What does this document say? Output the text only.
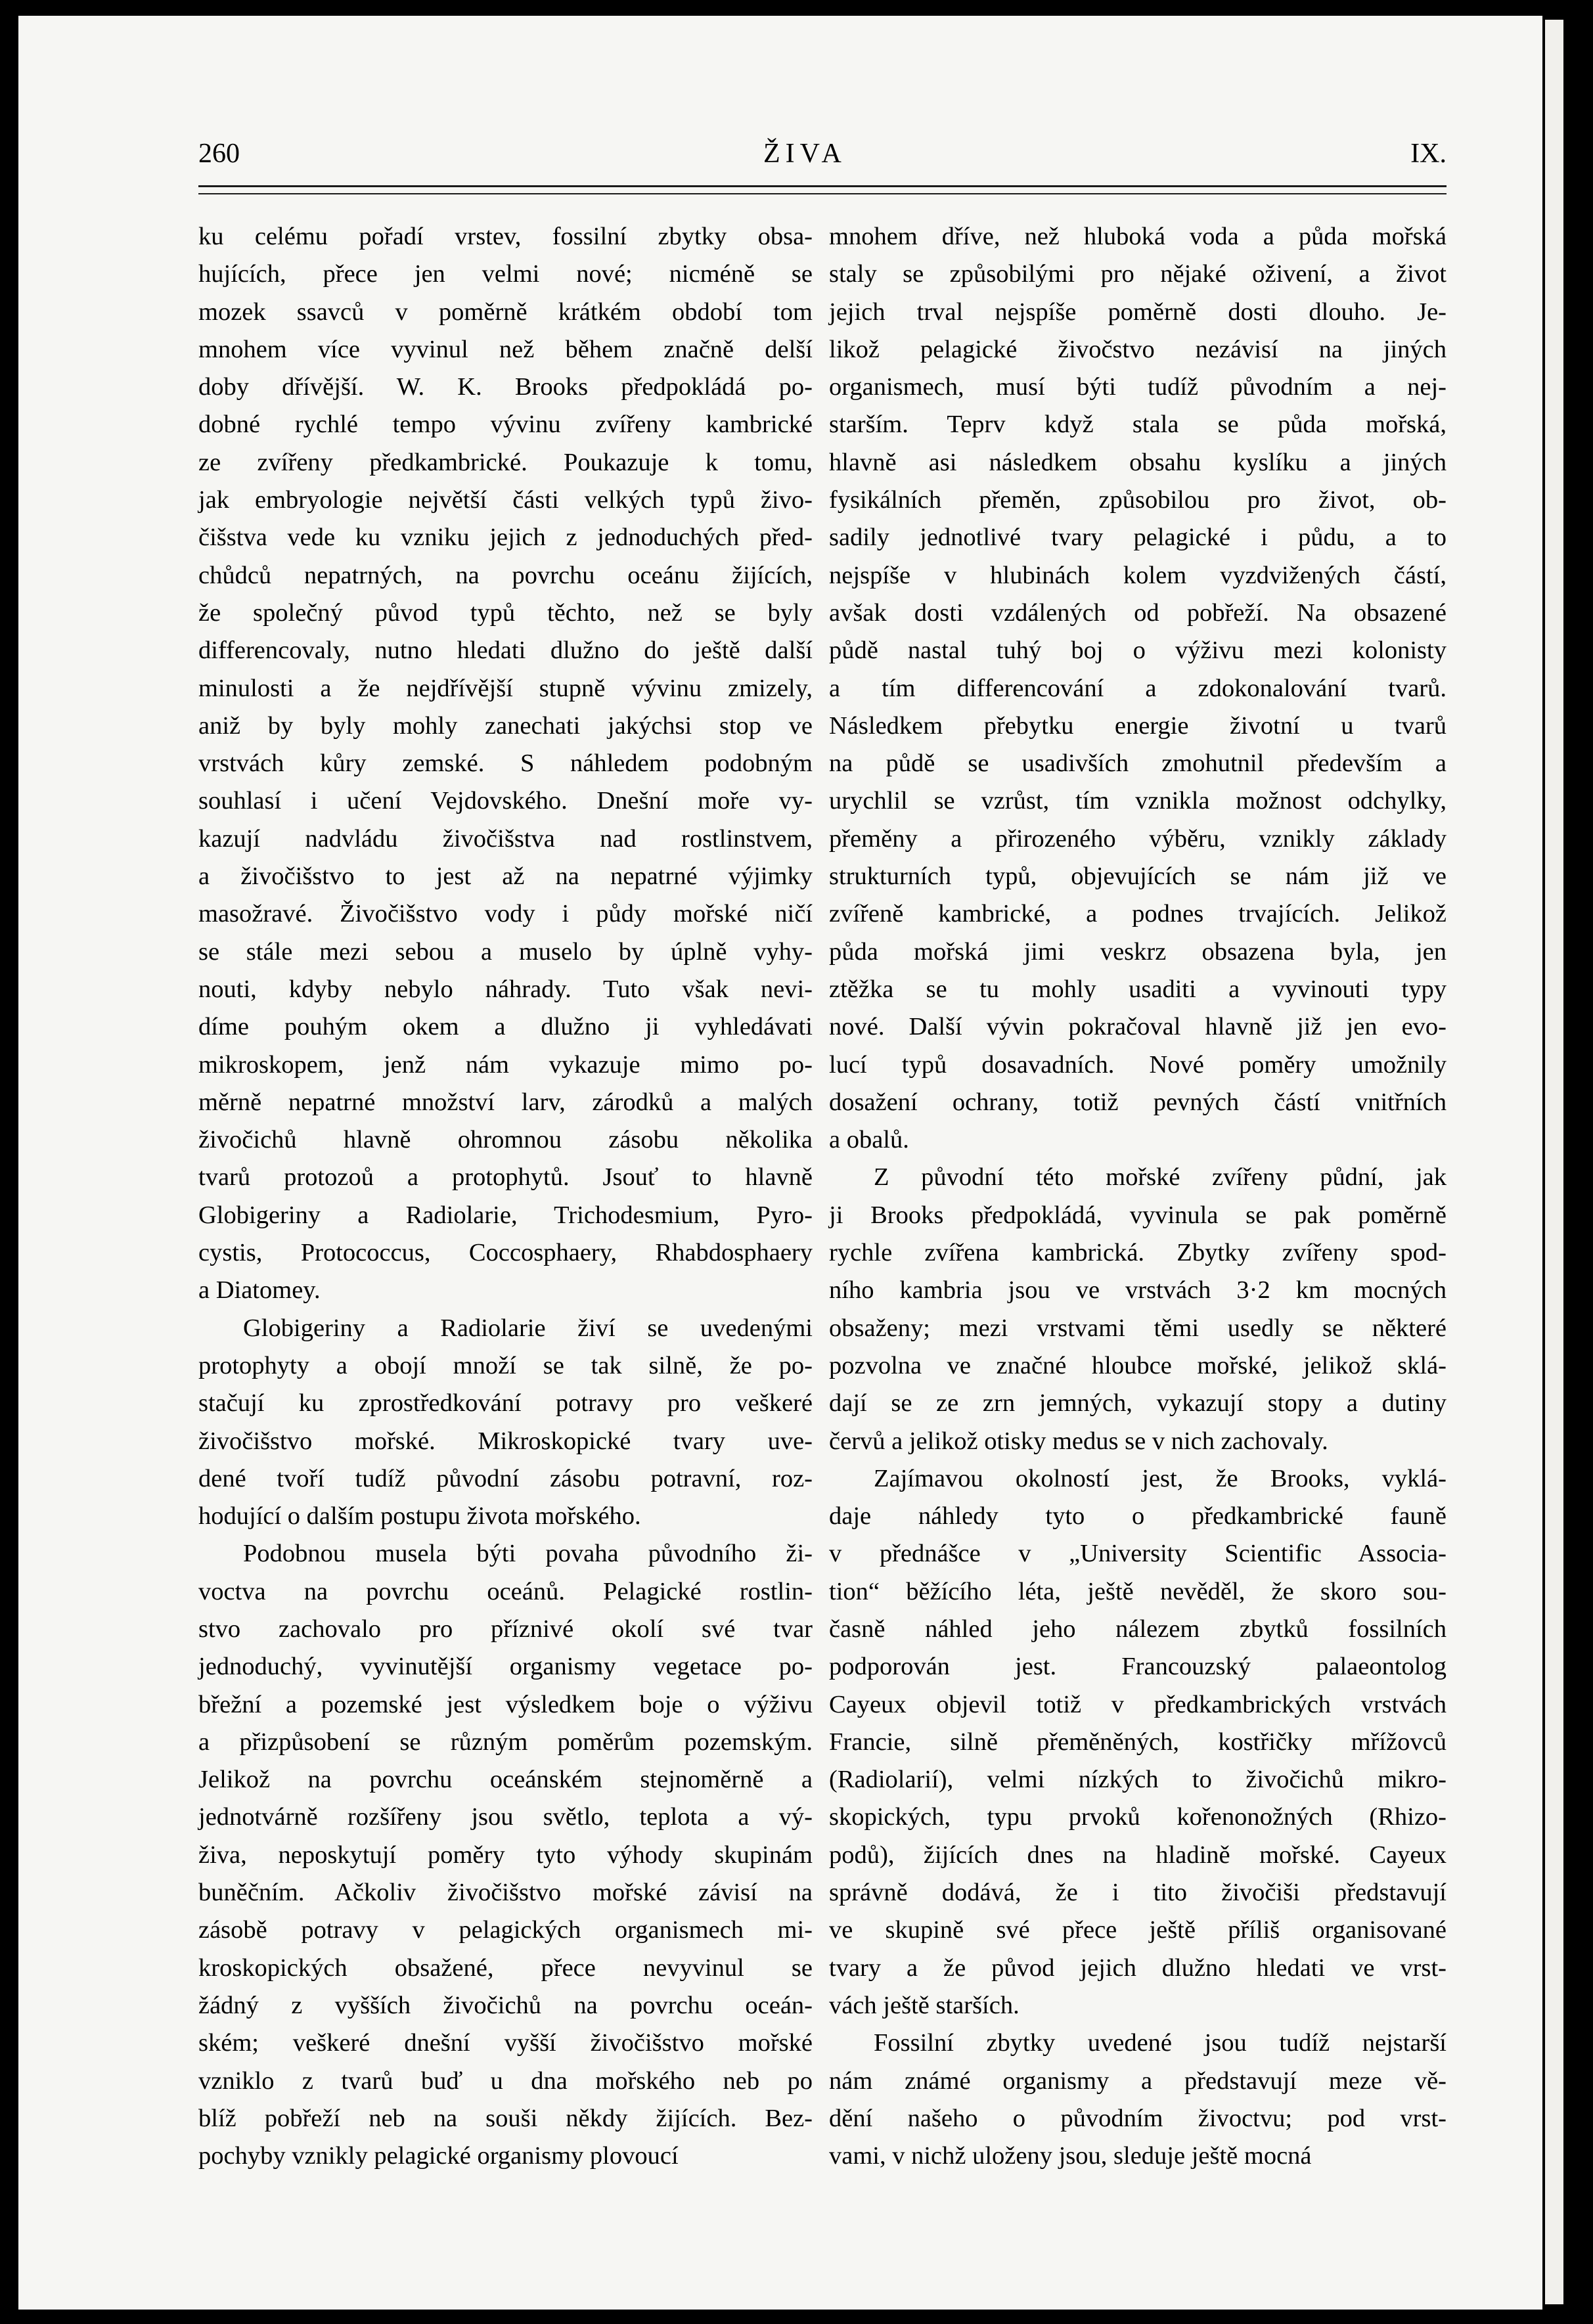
260	ŽIVA	IX.
ku celému pořadí vrstev, fossilní zbytky obsa-
hujících, přece jen velmi nové; nicméně se
mozek ssavců v poměrně krátkém období tom
mnohem více vyvinul než během značně delší
doby dřívější. W. K. Brooks předpokládá po-
dobné rychlé tempo vývinu zvířeny kambrické
ze zvířeny předkambrické. Poukazuje k tomu,
jak embryologie největší části velkých typů živo-
čišstva vede ku vzniku jejich z jednoduchých před-
chůdců nepatrných, na povrchu oceánu žijících,
že společný původ typů těchto, než se byly
differencovaly, nutno hledati dlužno do ještě další
minulosti a že nejdřívější stupně vývinu zmizely,
aniž by byly mohly zanechati jakýchsi stop ve
vrstvách kůry zemské. S náhledem podobným
souhlasí i učení Vejdovského. Dnešní moře vy-
kazují nadvládu živočišstva nad rostlinstvem,
a živočišstvo to jest až na nepatrné výjimky
masožravé. Živočišstvo vody i půdy mořské ničí
se stále mezi sebou a muselo by úplně vyhy-
nouti, kdyby nebylo náhrady. Tuto však nevi-
díme pouhým okem a dlužno ji vyhledávati
mikroskopem, jenž nám vykazuje mimo po-
měrně nepatrné množství larv, zárodků a malých
živočichů hlavně ohromnou zásobu několika
tvarů protozoů a protophytů. Jsouť to hlavně
Globigeriny a Radiolarie, Trichodesmium, Pyro-
cystis, Protococcus, Coccosphaery, Rhabdosphaery
a Diatomey.
Globigeriny a Radiolarie živí se uvedenými
protophyty a obojí množí se tak silně, že po-
stačují ku zprostředkování potravy pro veškeré
živočišstvo mořské. Mikroskopické tvary uve-
dené tvoří tudíž původní zásobu potravní, roz-
hodující o dalším postupu života mořského.
Podobnou musela býti povaha původního ži-
voctva na povrchu oceánů. Pelagické rostlin-
stvo zachovalo pro příznivé okolí své tvar
jednoduchý, vyvinutější organismy vegetace po-
břežní a pozemské jest výsledkem boje o výživu
a přizpůsobení se různým poměrům pozemským.
Jelikož na povrchu oceánském stejnoměrně a
jednotvárně rozšířeny jsou světlo, teplota a vý-
živa, neposkytují poměry tyto výhody skupinám
buněčním. Ačkoliv živočišstvo mořské závisí na
zásobě potravy v pelagických organismech mi-
kroskopických obsažené, přece nevyvinul se
žádný z vyšších živočichů na povrchu oceán-
ském; veškeré dnešní vyšší živočišstvo mořské
vzniklo z tvarů buď u dna mořského neb po
blíž pobřeží neb na souši někdy žijících. Bez-
pochyby vznikly pelagické organismy plovoucí
mnohem dříve, než hluboká voda a půda mořská
staly se způsobilými pro nějaké oživení, a život
jejich trval nejspíše poměrně dosti dlouho. Je-
likož pelagické živočstvo nezávisí na jiných
organismech, musí býti tudíž původním a nej-
starším. Teprv když stala se půda mořská,
hlavně asi následkem obsahu kyslíku a jiných
fysikálních přeměn, způsobilou pro život, ob-
sadily jednotlivé tvary pelagické i půdu, a to
nejspíše v hlubinách kolem vyzdvižených částí,
avšak dosti vzdálených od pobřeží. Na obsazené
půdě nastal tuhý boj o výživu mezi kolonisty
a tím differencování a zdokonalování tvarů.
Následkem přebytku energie životní u tvarů
na půdě se usadivších zmohutnil především a
urychlil se vzrůst, tím vznikla možnost odchylky,
přeměny a přirozeného výběru, vznikly základy
strukturních typů, objevujících se nám již ve
zvířeně kambrické, a podnes trvajících. Jelikož
půda mořská jimi veskrz obsazena byla, jen
ztěžka se tu mohly usaditi a vyvinouti typy
nové. Další vývin pokračoval hlavně již jen evo-
lucí typů dosavadních. Nové poměry umožnily
dosažení ochrany, totiž pevných částí vnitřních
a obalů.
Z původní této mořské zvířeny půdní, jak
ji Brooks předpokládá, vyvinula se pak poměrně
rychle zvířena kambrická. Zbytky zvířeny spod-
ního kambria jsou ve vrstvách 3·2 km mocných
obsaženy; mezi vrstvami těmi usedly se některé
pozvolna ve značné hloubce mořské, jelikož sklá-
dají se ze zrn jemných, vykazují stopy a dutiny
červů a jelikož otisky medus se v nich zachovaly.
Zajímavou okolností jest, že Brooks, vyklá-
daje náhledy tyto o předkambrické fauně
v přednášce v „University Scientific Associa-
tion“ běžícího léta, ještě nevěděl, že skoro sou-
časně náhled jeho nálezem zbytků fossilních
podporován jest. Francouzský palaeontolog
Cayeux objevil totiž v předkambrických vrstvách
Francie, silně přeměněných, kostřičky mřížovců
(Radiolarií), velmi nízkých to živočichů mikro-
skopických, typu prvoků kořenonožných (Rhizo-
podů), žijících dnes na hladině mořské. Cayeux
správně dodává, že i tito živočiši představují
ve skupině své přece ještě příliš organisované
tvary a že původ jejich dlužno hledati ve vrst-
vách ještě starších.
Fossilní zbytky uvedené jsou tudíž nejstarší
nám známé organismy a představují meze vě-
dění našeho o původním živoctvu; pod vrst-
vami, v nichž uloženy jsou, sleduje ještě mocná
